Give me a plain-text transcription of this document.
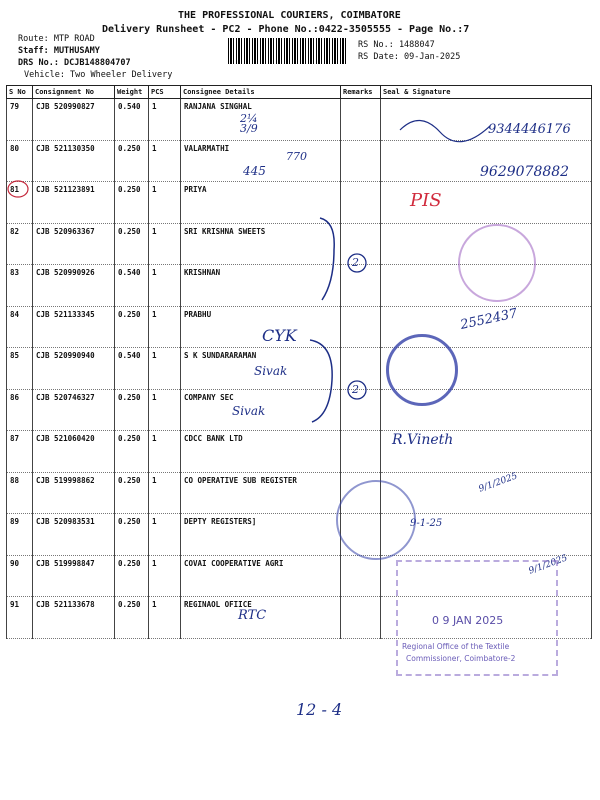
THE PROFESSIONAL COURIERS, COIMBATORE
Delivery Runsheet - PC2 - Phone No.:0422-3505555 - Page No.:7
Route: MTP ROAD
Staff: MUTHUSAMY
DRS No.: DCJB148804707
Vehicle: Two Wheeler Delivery
RS No.: 1488047
RS Date: 09-Jan-2025
S No	Consignment No	Weight	PCS	Consignee Details	Remarks	Seal & Signature
79	CJB 520990827	0.540	1	RANJANA SINGHAL		
80	CJB 521130350	0.250	1	VALARMATHI		
81	CJB 521123891	0.250	1	PRIYA		
82	CJB 520963367	0.250	1	SRI KRISHNA SWEETS		
83	CJB 520990926	0.540	1	KRISHNAN		
84	CJB 521133345	0.250	1	PRABHU		
85	CJB 520990940	0.540	1	S K SUNDARARAMAN		
86	CJB 520746327	0.250	1	COMPANY SEC		
87	CJB 521060420	0.250	1	CDCC BANK LTD		
88	CJB 519998862	0.250	1	CO OPERATIVE SUB REGISTER		
89	CJB 520983531	0.250	1	DEPTY REGISTERS]		
90	CJB 519998847	0.250	1	COVAI COOPERATIVE AGRI		
91	CJB 521133678	0.250	1	REGINAOL OFIICE		
9344446176
9629078882
2¼
3/9
445
770
PIS
2
2
2552437
CYK
Sivak
Sivak
R.Vineth
9/1/2025
9-1-25
9/1/2025
RTC
12 - 4
0 9 JAN 2025
Regional Office of the Textile
Commissioner, Coimbatore-2
